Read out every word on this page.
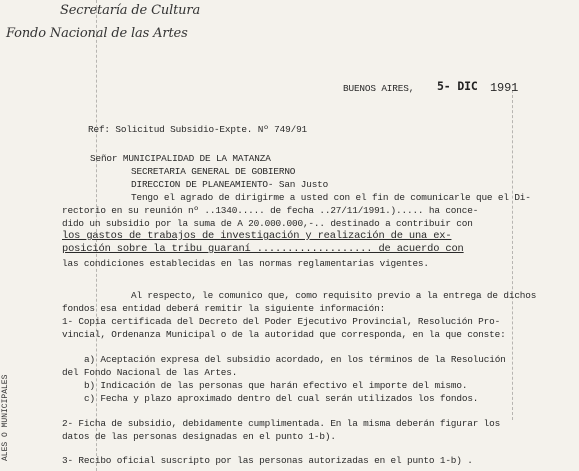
Secretaría de Cultura
Fondo Nacional de las Artes
BUENOS AIRES, 5- DIC 1991
Ref: Solicitud Subsidio-Expte. Nº 749/91
Señor MUNICIPALIDAD DE LA MATANZA
SECRETARIA GENERAL DE GOBIERNO
DIRECCION DE PLANEAMIENTO- San Justo
Tengo el agrado de dirigirme a usted con el fin de comunicarle que el Di-
rectorio en su reunión nº ..1340..... de fecha ..27/11/1991.)..... ha conce-
dido un subsidio por la suma de A 20.000.000,-.. destinado a contribuir con
los gastos de trabajos de investigación y realización de una ex-
posición sobre la tribu guaraní ................... de acuerdo con
las condiciones establecidas en las normas reglamentarias vigentes.
Al respecto, le comunico que, como requisito previo a la entrega de dichos
fondos esa entidad deberá remitir la siguiente información:
1- Copia certificada del Decreto del Poder Ejecutivo Provincial, Resolución Pro-
vincial, Ordenanza Municipal o de la autoridad que corresponda, en la que conste:
a) Aceptación expresa del subsidio acordado, en los términos de la Resolución
del Fondo Nacional de las Artes.
b) Indicación de las personas que harán efectivo el importe del mismo.
c) Fecha y plazo aproximado dentro del cual serán utilizados los fondos.
2- Ficha de subsidio, debidamente cumplimentada. En la misma deberán figurar los
datos de las personas designadas en el punto 1-b).
3- Recibo oficial suscripto por las personas autorizadas en el punto 1-b) .
ALES O MUNICIPALES
